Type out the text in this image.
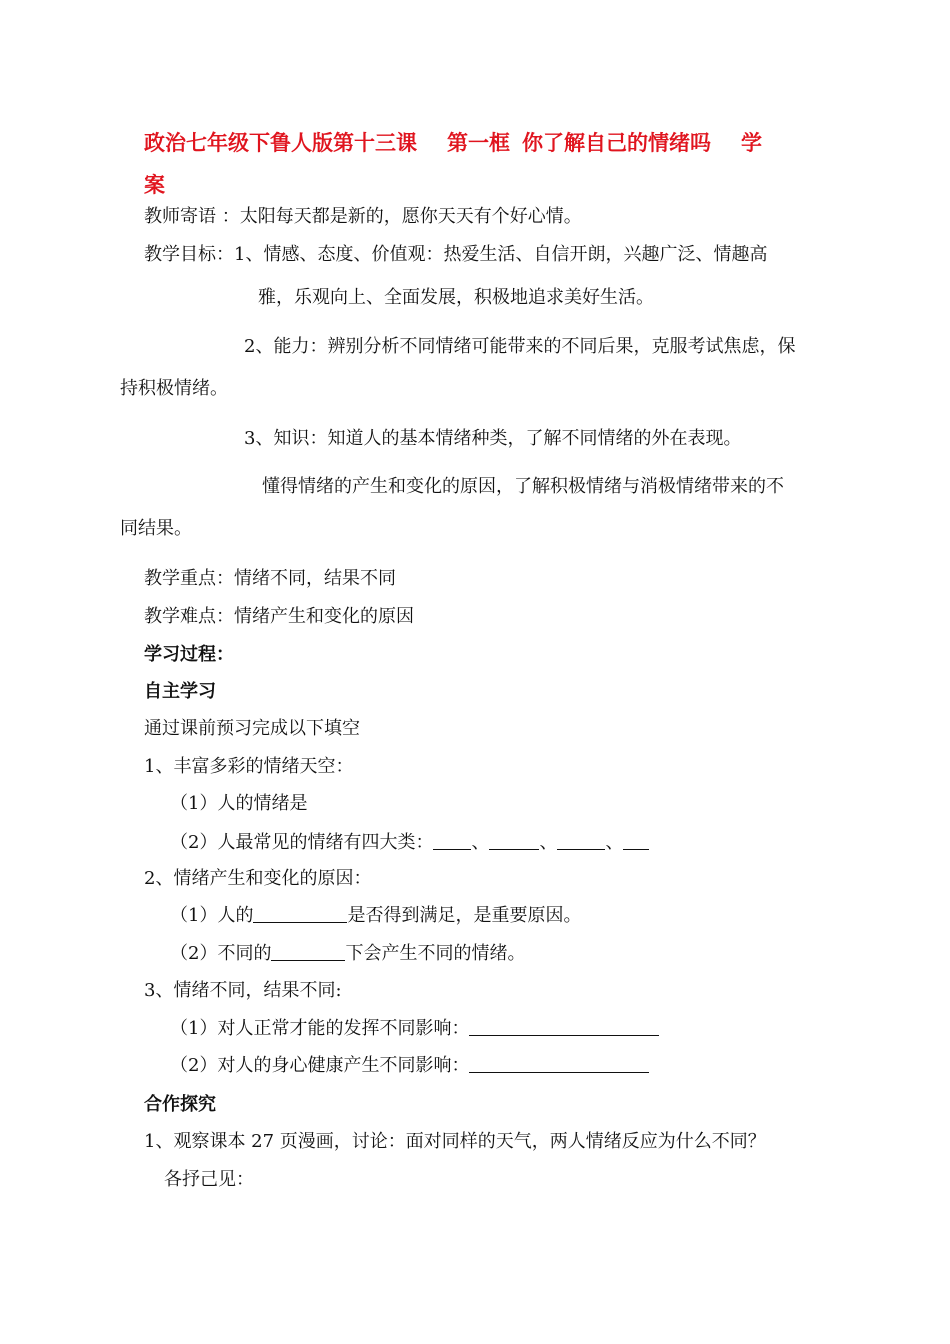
政治七年级下鲁人版第十三课 第一框 你了解自己的情绪吗 学
案
教师寄语 ：太阳每天都是新的，愿你天天有个好心情。
教学目标：1、情感、态度、价值观：热爱生活、自信开朗，兴趣广泛、情趣高
雅，乐观向上、全面发展，积极地追求美好生活。
2、能力：辨别分析不同情绪可能带来的不同后果，克服考试焦虑，保
持积极情绪。
3、知识：知道人的基本情绪种类，了解不同情绪的外在表现。
懂得情绪的产生和变化的原因，了解积极情绪与消极情绪带来的不
同结果。
教学重点：情绪不同，结果不同
教学难点：情绪产生和变化的原因
学习过程：
自主学习
通过课前预习完成以下填空
1、丰富多彩的情绪天空：
（1）人的情绪是
（2）人最常见的情绪有四大类： 、	、	、
2、情绪产生和变化的原因：
（1）人的	是否得到满足，是重要原因。
（2）不同的	下会产生不同的情绪。
3、情绪不同，结果不同:
（1）对人正常才能的发挥不同影响：
（2）对人的身心健康产生不同影响：
合作探究
1、观察课本 27 页漫画，讨论：面对同样的天气，两人情绪反应为什么不同？
各抒己见：
